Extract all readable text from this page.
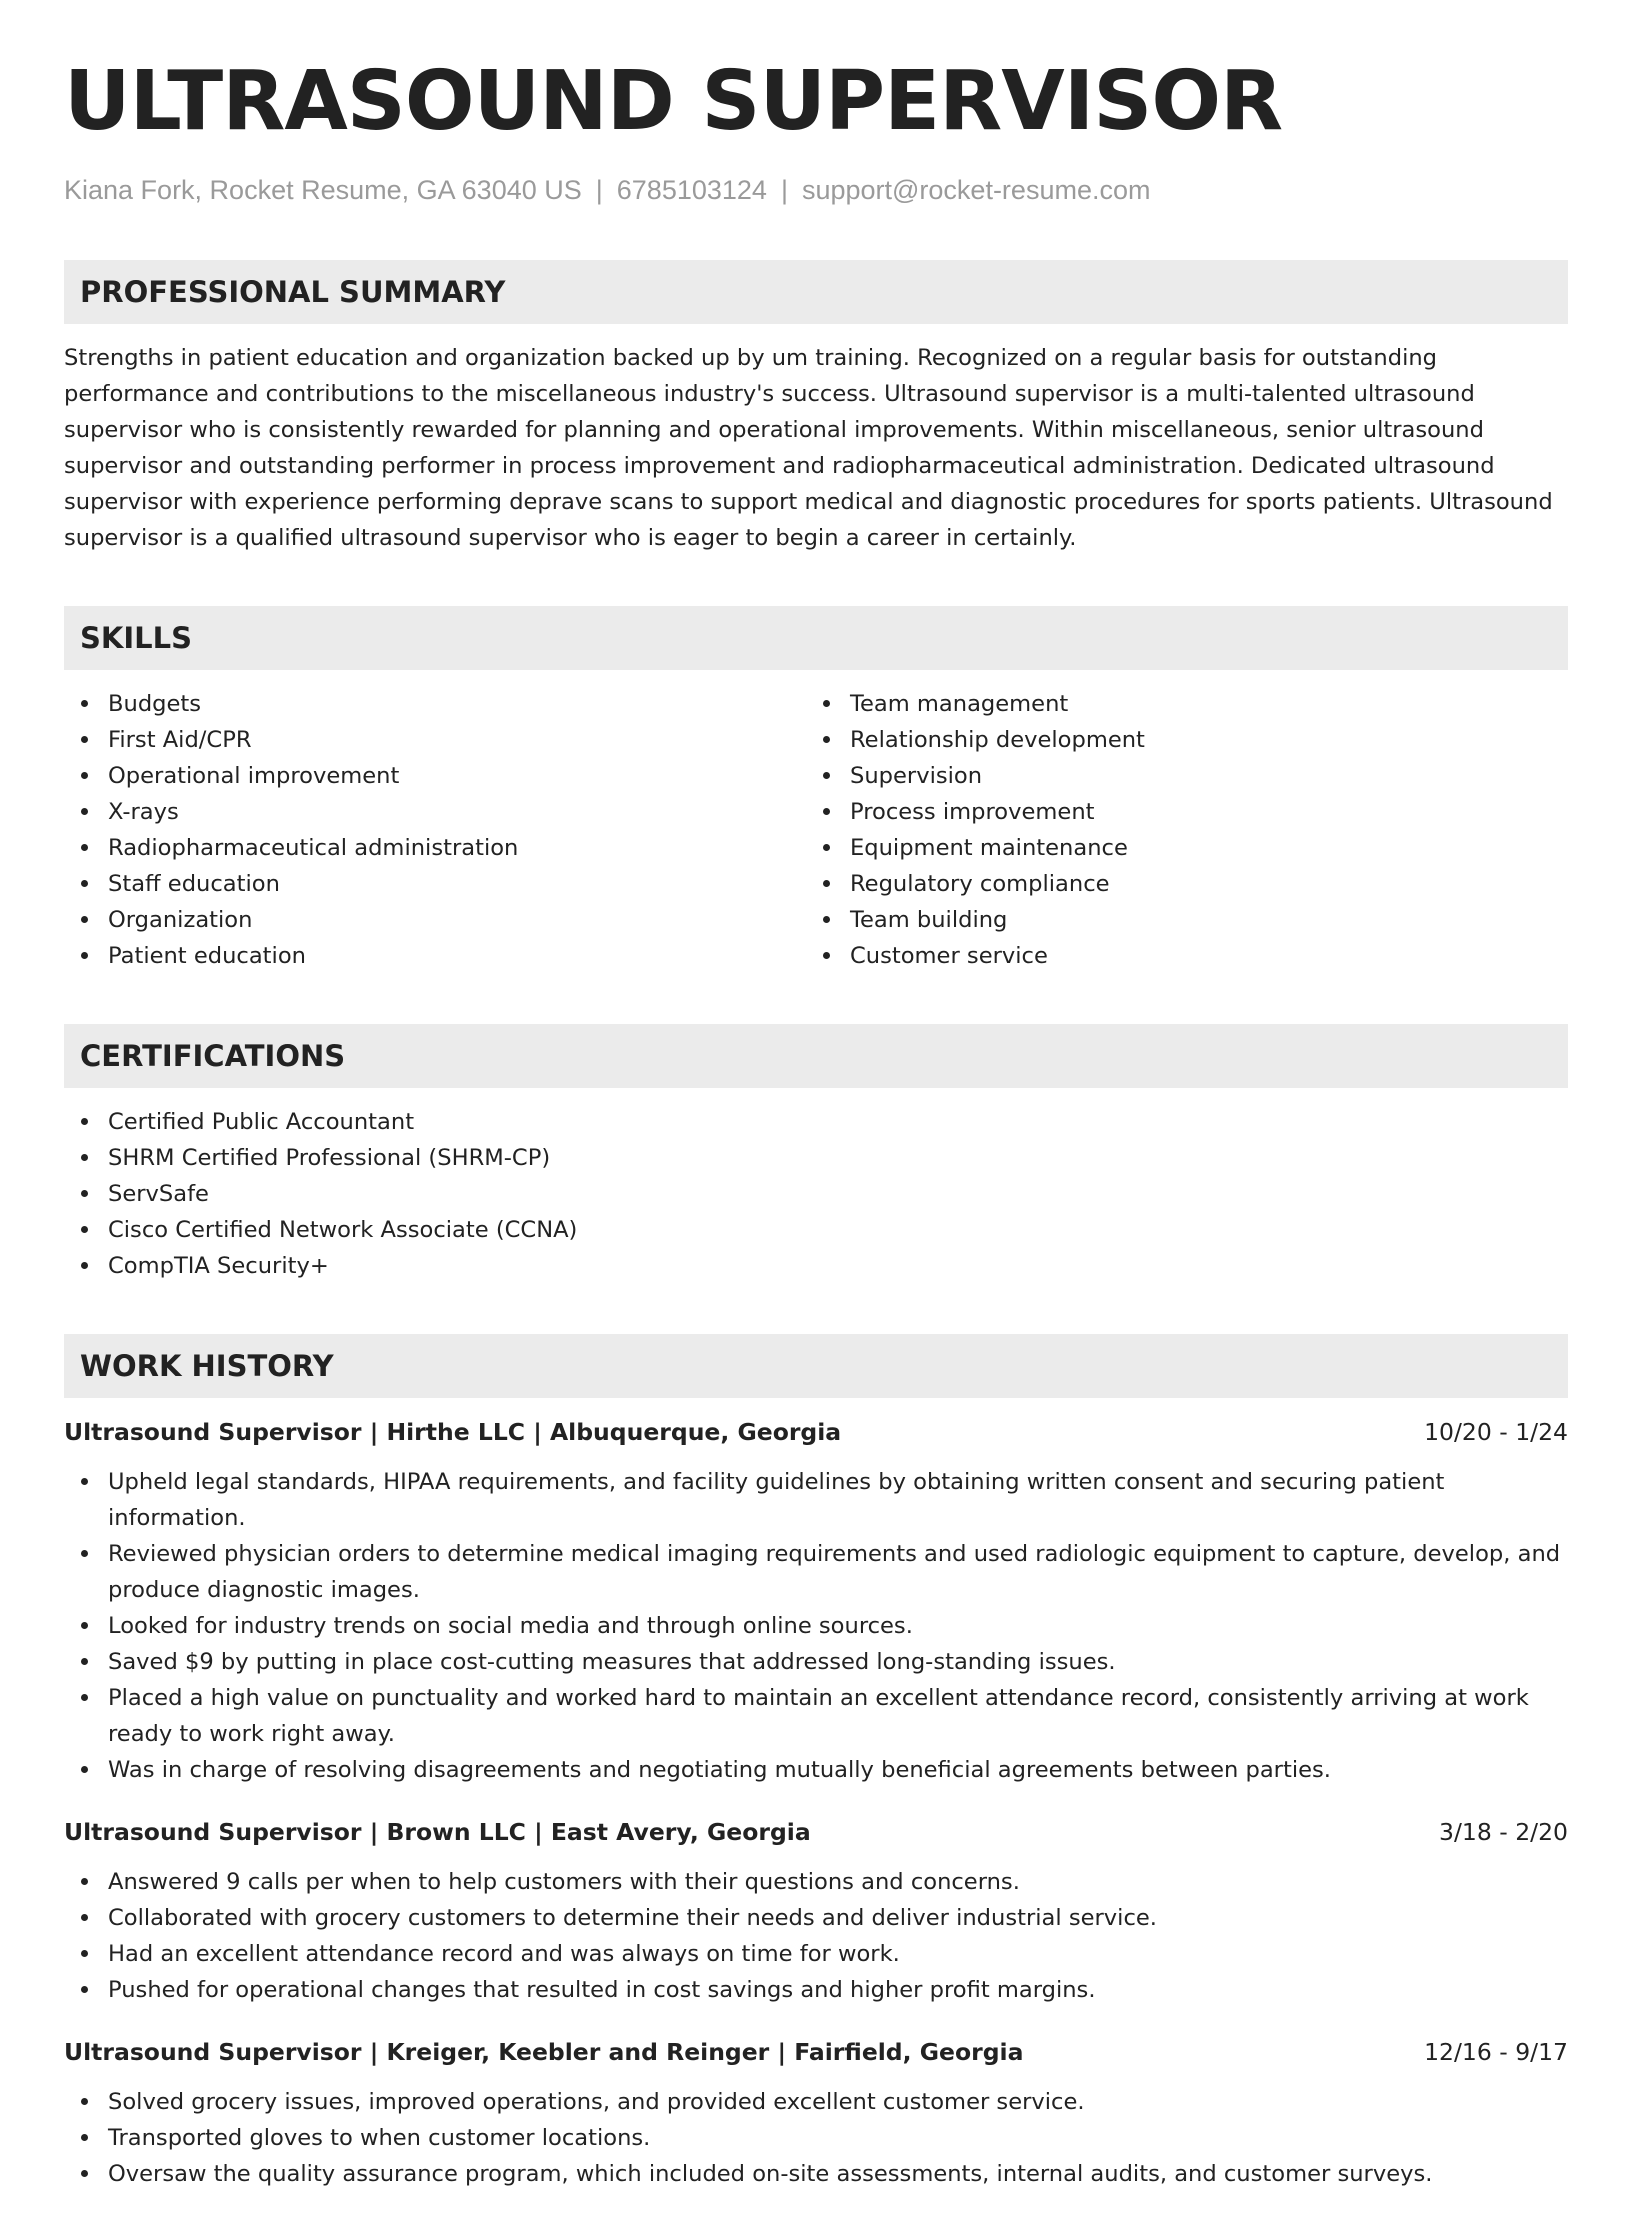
ULTRASOUND SUPERVISOR
Kiana Fork, Rocket Resume, GA 63040 US | 6785103124 | support@rocket-resume.com
PROFESSIONAL SUMMARY
Strengths in patient education and organization backed up by um training. Recognized on a regular basis for outstanding performance and contributions to the miscellaneous industry's success. Ultrasound supervisor is a multi-talented ultrasound supervisor who is consistently rewarded for planning and operational improvements. Within miscellaneous, senior ultrasound supervisor and outstanding performer in process improvement and radiopharmaceutical administration. Dedicated ultrasound supervisor with experience performing deprave scans to support medical and diagnostic procedures for sports patients. Ultrasound supervisor is a qualified ultrasound supervisor who is eager to begin a career in certainly.
SKILLS
Budgets
First Aid/CPR
Operational improvement
X-rays
Radiopharmaceutical administration
Staff education
Organization
Patient education
Team management
Relationship development
Supervision
Process improvement
Equipment maintenance
Regulatory compliance
Team building
Customer service
CERTIFICATIONS
Certified Public Accountant
SHRM Certified Professional (SHRM-CP)
ServSafe
Cisco Certified Network Associate (CCNA)
CompTIA Security+
WORK HISTORY
Ultrasound Supervisor | Hirthe LLC | Albuquerque, Georgia	10/20 - 1/24
Upheld legal standards, HIPAA requirements, and facility guidelines by obtaining written consent and securing patient information.
Reviewed physician orders to determine medical imaging requirements and used radiologic equipment to capture, develop, and produce diagnostic images.
Looked for industry trends on social media and through online sources.
Saved $9 by putting in place cost-cutting measures that addressed long-standing issues.
Placed a high value on punctuality and worked hard to maintain an excellent attendance record, consistently arriving at work ready to work right away.
Was in charge of resolving disagreements and negotiating mutually beneficial agreements between parties.
Ultrasound Supervisor | Brown LLC | East Avery, Georgia	3/18 - 2/20
Answered 9 calls per when to help customers with their questions and concerns.
Collaborated with grocery customers to determine their needs and deliver industrial service.
Had an excellent attendance record and was always on time for work.
Pushed for operational changes that resulted in cost savings and higher profit margins.
Ultrasound Supervisor | Kreiger, Keebler and Reinger | Fairfield, Georgia	12/16 - 9/17
Solved grocery issues, improved operations, and provided excellent customer service.
Transported gloves to when customer locations.
Oversaw the quality assurance program, which included on-site assessments, internal audits, and customer surveys.
